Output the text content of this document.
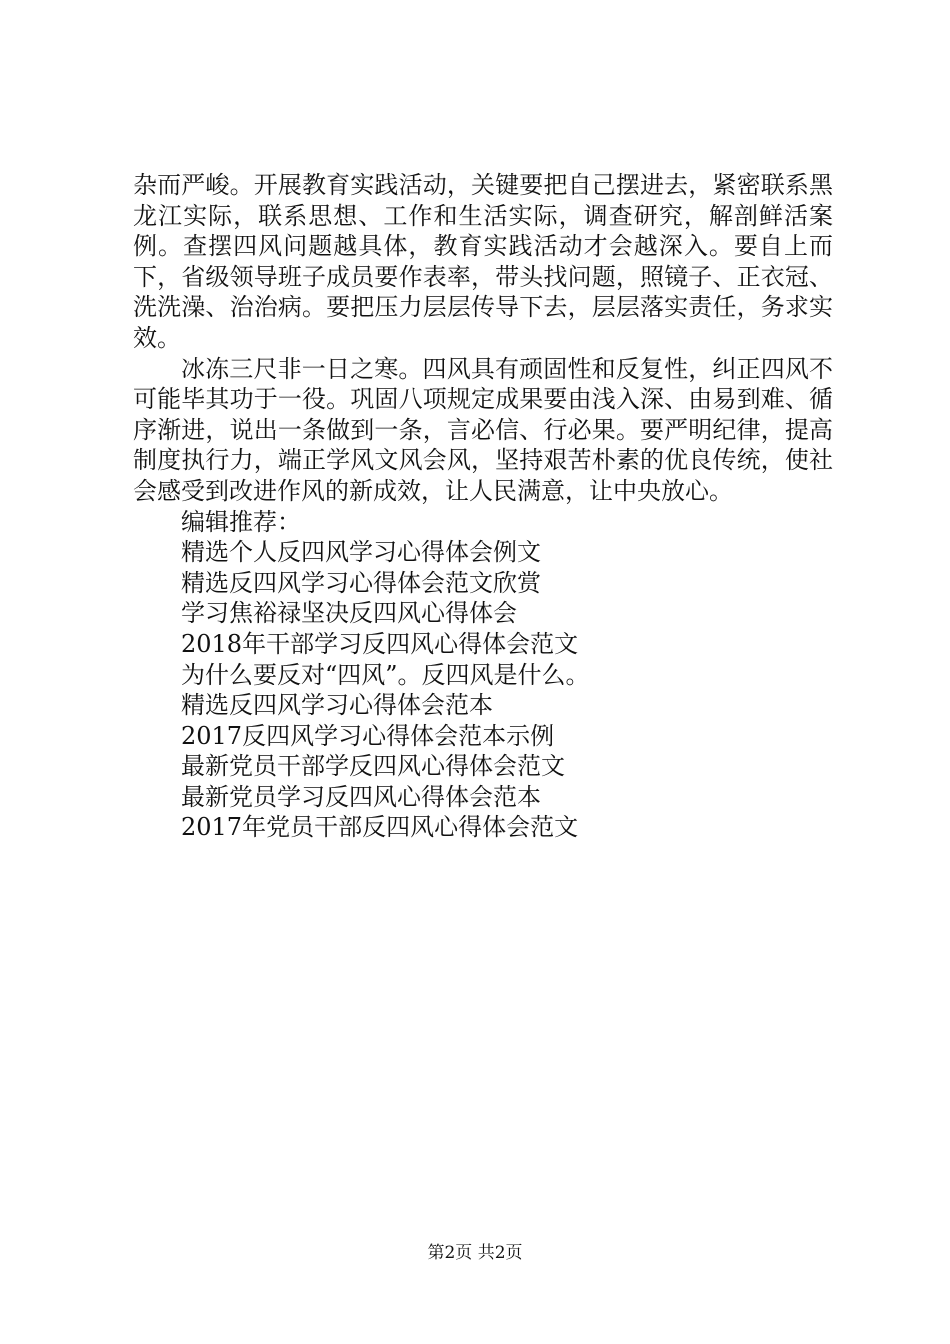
杂而严峻。开展教育实践活动，关键要把自己摆进去，紧密联系黑龙江实际，联系思想、工作和生活实际，调查研究，解剖鲜活案例。查摆四风问题越具体，教育实践活动才会越深入。要自上而下，省级领导班子成员要作表率，带头找问题，照镜子、正衣冠、洗洗澡、治治病。要把压力层层传导下去，层层落实责任，务求实效。

冰冻三尺非一日之寒。四风具有顽固性和反复性，纠正四风不可能毕其功于一役。巩固八项规定成果要由浅入深、由易到难、循序渐进，说出一条做到一条，言必信、行必果。要严明纪律，提高制度执行力，端正学风文风会风，坚持艰苦朴素的优良传统，使社会感受到改进作风的新成效，让人民满意，让中央放心。

编辑推荐：

精选个人反四风学习心得体会例文
精选反四风学习心得体会范文欣赏
学习焦裕禄坚决反四风心得体会
2018年干部学习反四风心得体会范文
为什么要反对“四风”。反四风是什么。
精选反四风学习心得体会范本
2017反四风学习心得体会范本示例
最新党员干部学反四风心得体会范文
最新党员学习反四风心得体会范本
2017年党员干部反四风心得体会范文
第2页 共2页
